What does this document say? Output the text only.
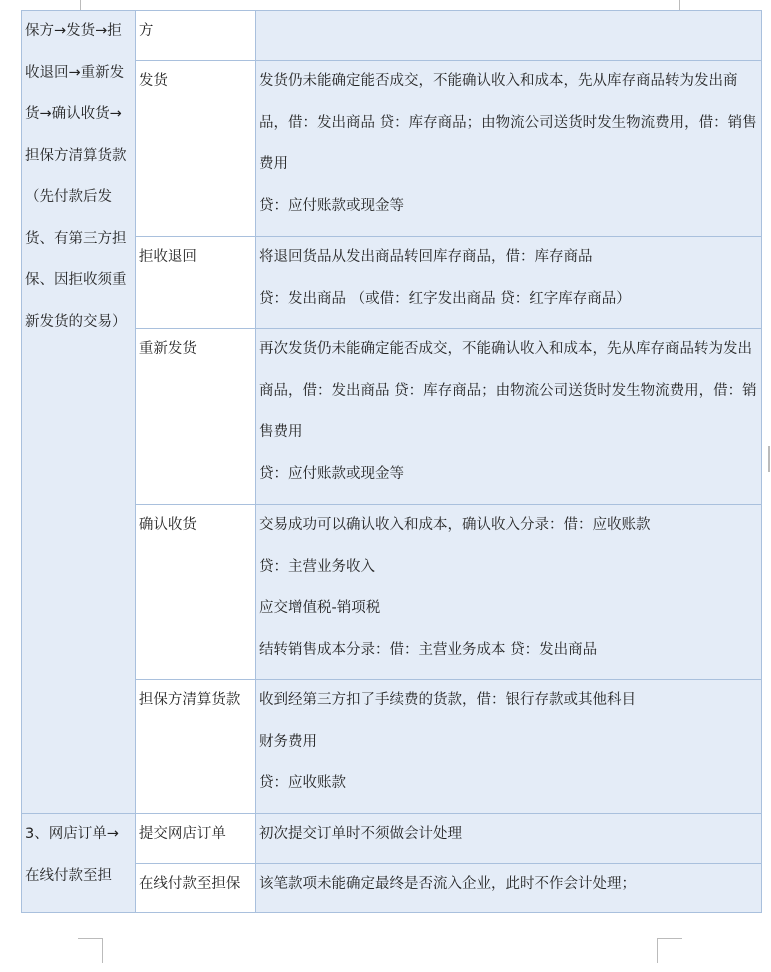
保方→发货→拒收退回→重新发货→确认收货→担保方清算货款（先付款后发货、有第三方担保、因拒收须重新发货的交易）	方	
	发货	发货仍未能确定能否成交，不能确认收入和成本，先从库存商品转为发出商品，借：发出商品 贷：库存商品；由物流公司送货时发生物流费用，借：销售费用
贷：应付账款或现金等

	拒收退回	将退回货品从发出商品转回库存商品，借：库存商品
贷：发出商品 （或借：红字发出商品 贷：红字库存商品）

	重新发货	再次发货仍未能确定能否成交，不能确认收入和成本，先从库存商品转为发出商品，借：发出商品 贷：库存商品；由物流公司送货时发生物流费用，借：销售费用
贷：应付账款或现金等

	确认收货	交易成功可以确认收入和成本，确认收入分录：借：应收账款
贷：主营业务收入
应交增值税-销项税
结转销售成本分录：借：主营业务成本 贷：发出商品

	担保方清算货款	收到经第三方扣了手续费的货款，借：银行存款或其他科目
财务费用
贷：应收账款

3、网店订单→在线付款至担	提交网店订单	初次提交订单时不须做会计处理

	在线付款至担保	该笔款项未能确定最终是否流入企业，此时不作会计处理；
